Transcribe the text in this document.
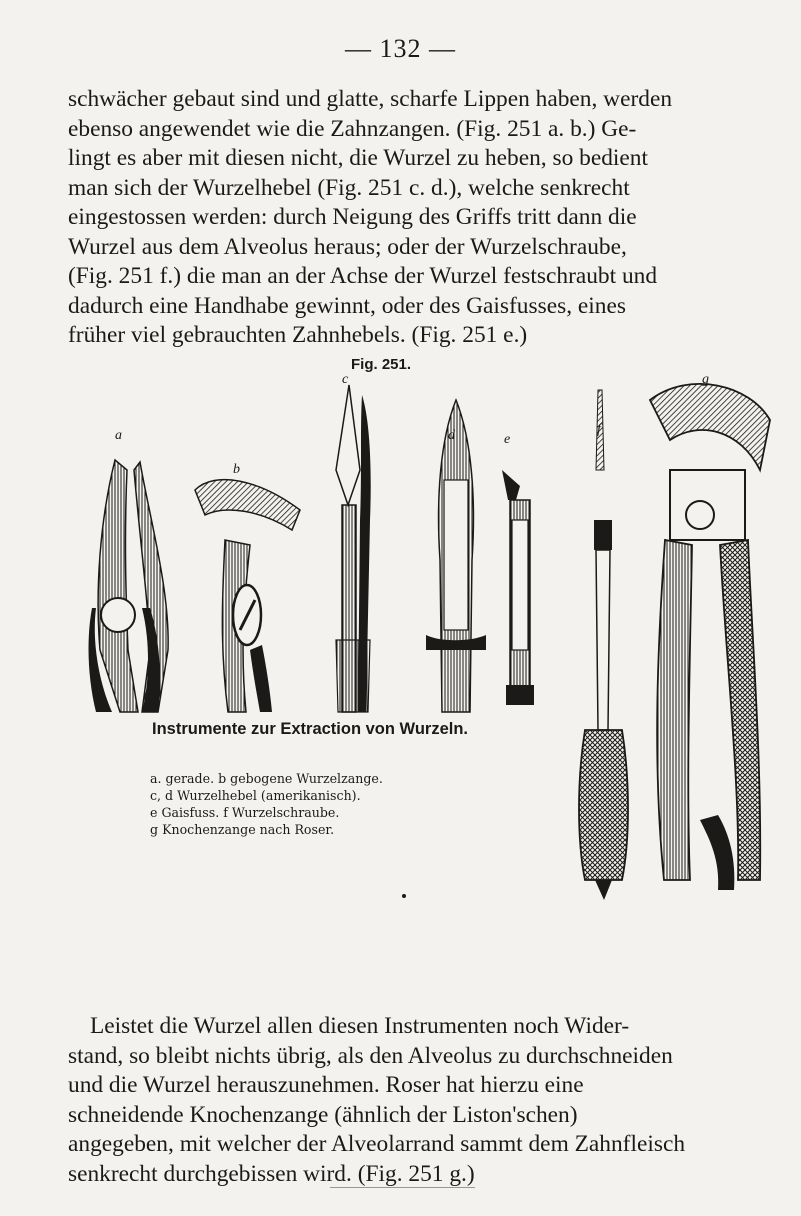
— 132 —
schwächer gebaut sind und glatte, scharfe Lippen haben, werden
ebenso angewendet wie die Zahnzangen. (Fig. 251 a. b.) Ge-
lingt es aber mit diesen nicht, die Wurzel zu heben, so bedient
man sich der Wurzelhebel (Fig. 251 c. d.), welche senkrecht
eingestossen werden: durch Neigung des Griffs tritt dann die
Wurzel aus dem Alveolus heraus; oder der Wurzelschraube,
(Fig. 251 f.) die man an der Achse der Wurzel festschraubt und
dadurch eine Handhabe gewinnt, oder des Gaisfusses, eines
früher viel gebrauchten Zahnhebels. (Fig. 251 e.)
Fig. 251.
a
b
c
d	e
f
g
Instrumente zur Extraction von Wurzeln.
a. gerade. b gebogene Wurzelzange.
c, d Wurzelhebel (amerikanisch).
e Gaisfuss. f Wurzelschraube.
g Knochenzange nach Roser.
Leistet die Wurzel allen diesen Instrumenten noch Wider-
stand, so bleibt nichts übrig, als den Alveolus zu durchschneiden
und die Wurzel herauszunehmen. Roser hat hierzu eine
schneidende Knochenzange (ähnlich der Liston'schen)
angegeben, mit welcher der Alveolarrand sammt dem Zahnfleisch
senkrecht durchgebissen wird. (Fig. 251 g.)
